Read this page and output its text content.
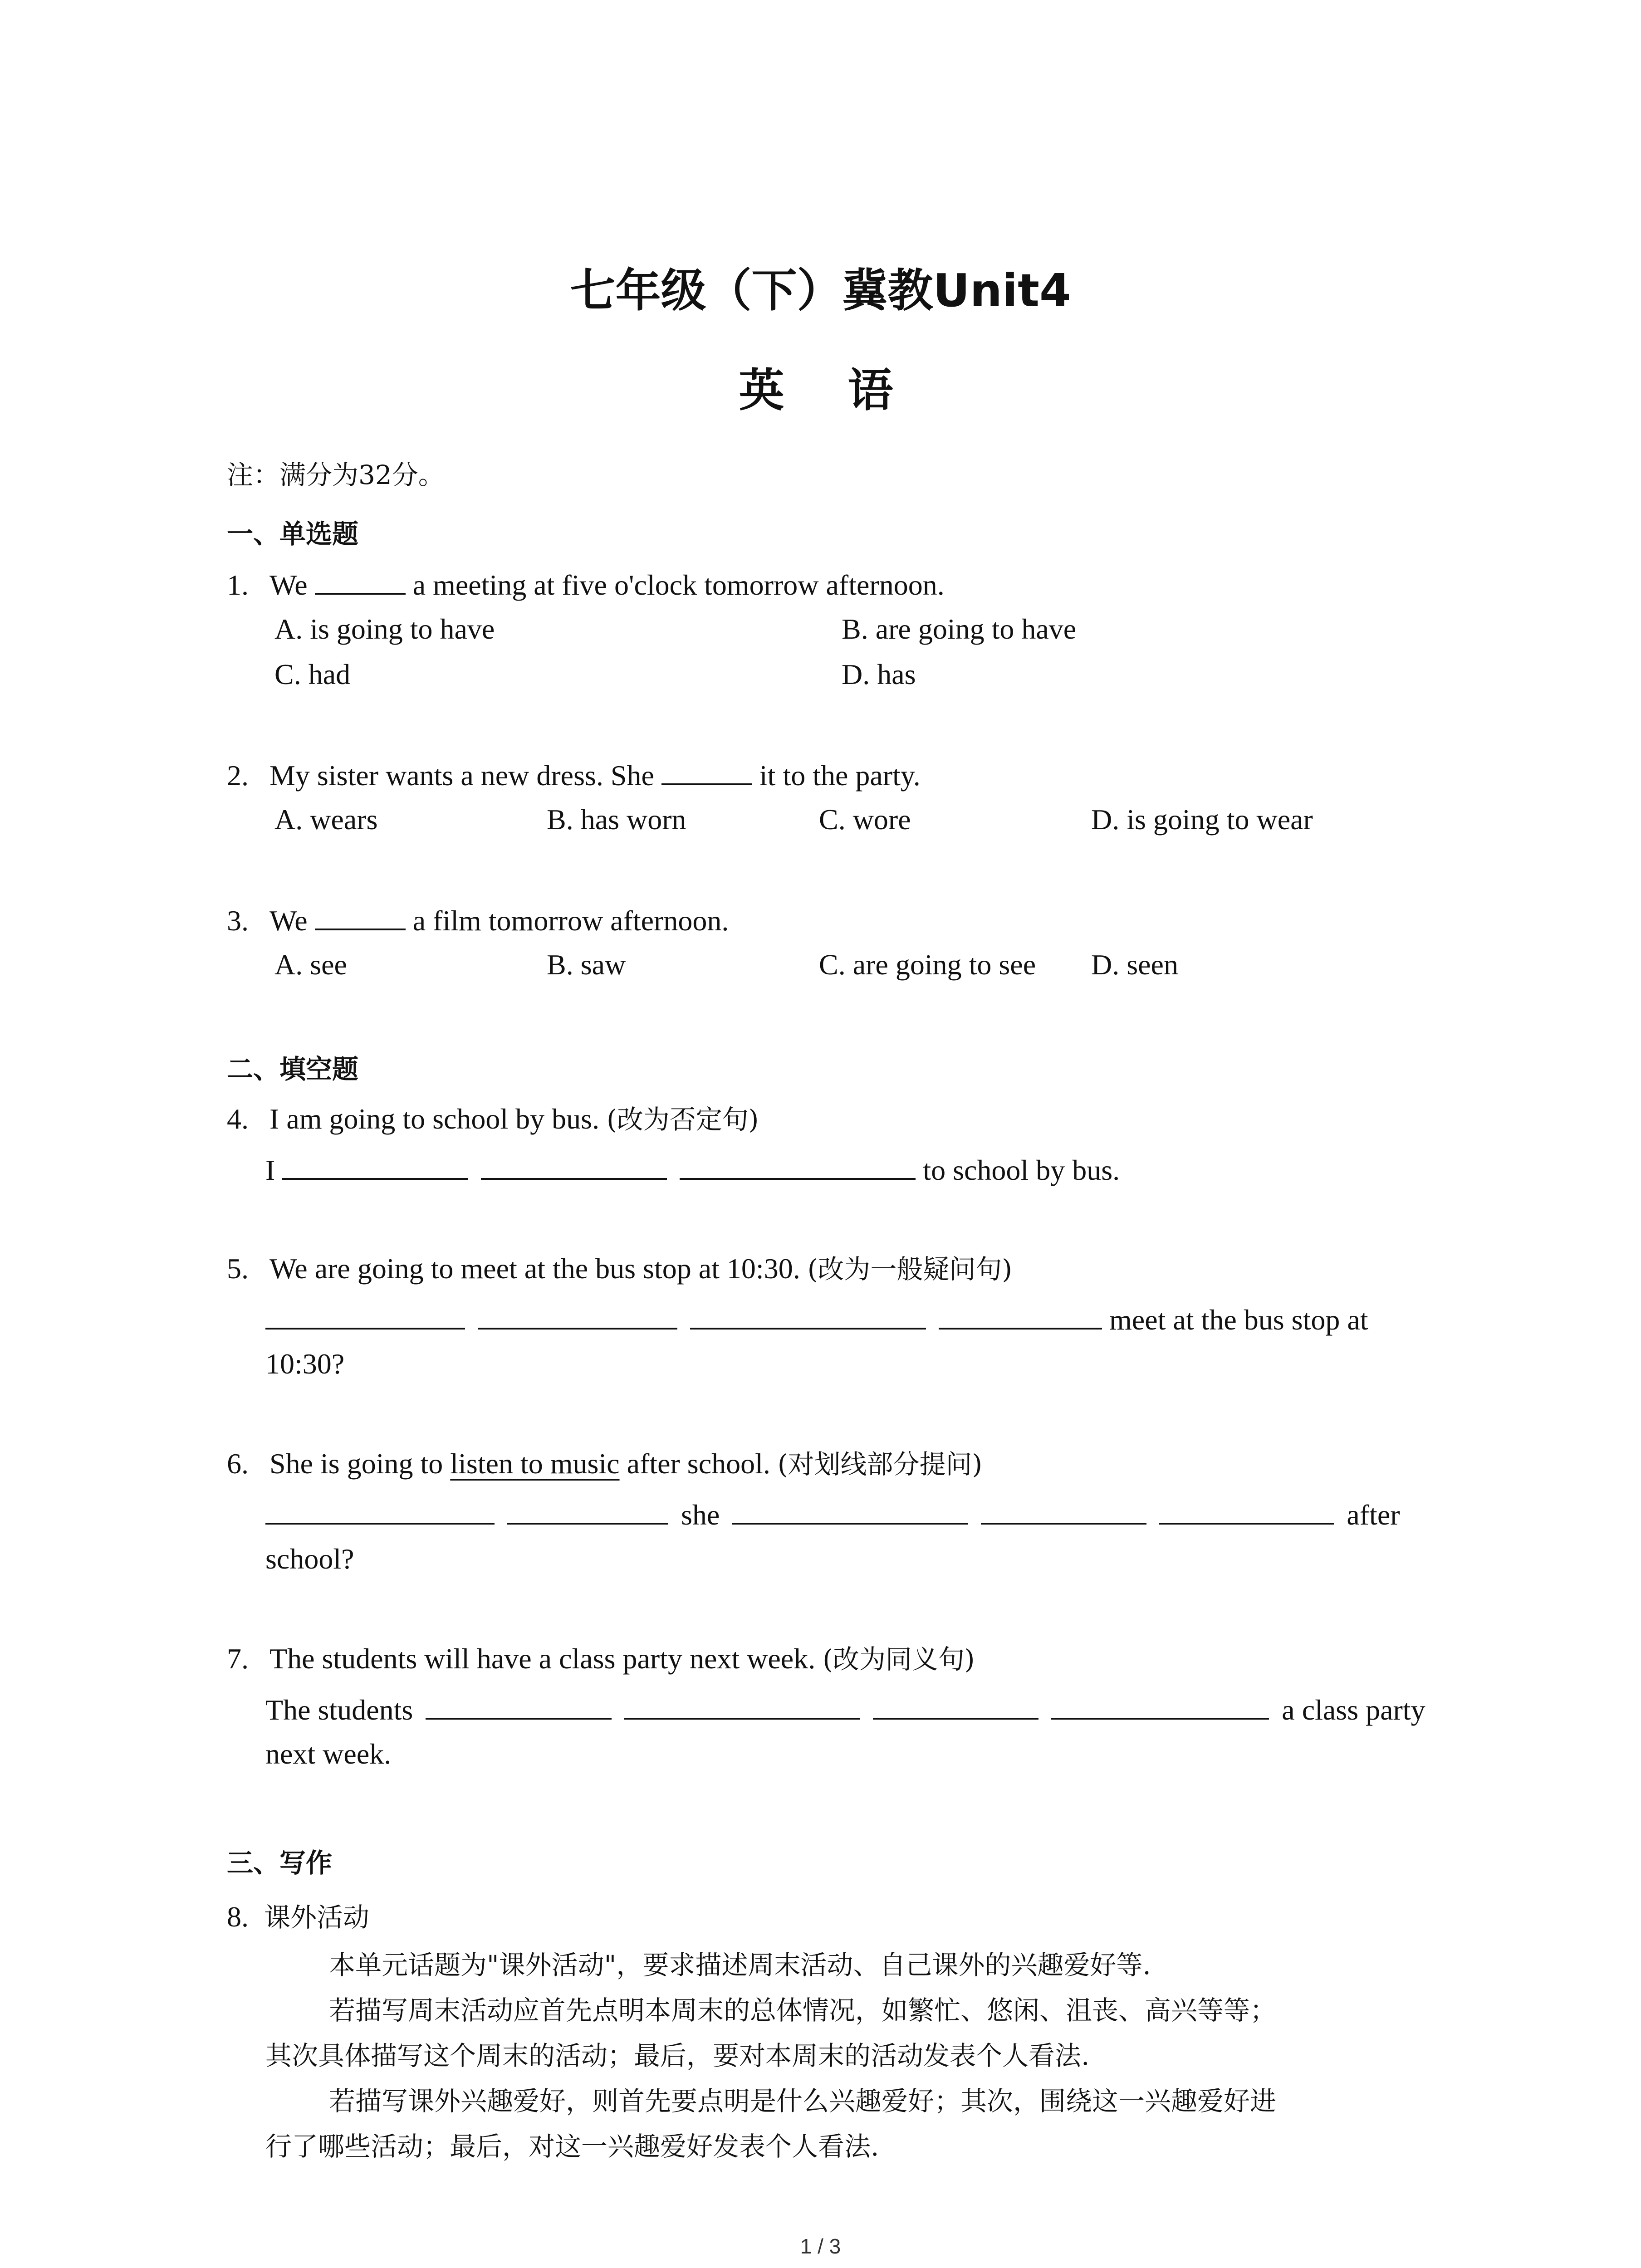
七年级（下）冀教Unit4
英　语
注：满分为32分。
一、单选题
1. We	a meeting at five o'clock tomorrow afternoon.
A. is going to have	B. are going to have
C. had	D. has
2. My sister wants a new dress. She	it to the party.
A. wears	B. has worn	C. wore	D. is going to wear
3. We	a film tomorrow afternoon.
A. see	B. saw	C. are going to see D. seen
二、填空题
4. I am going to school by bus. (改为否定句)
I	to school by bus.
5. We are going to meet at the bus stop at 10:30. (改为一般疑问句)
meet at the bus stop at
10:30?
6. She is going to listen to music after school. (对划线部分提问)
she	after
school?
7. The students will have a class party next week. (改为同义句)
The students	a class party
next week.
三、写作
8. 课外活动
本单元话题为"课外活动"，要求描述周末活动、自己课外的兴趣爱好等.
若描写周末活动应首先点明本周末的总体情况，如繁忙、悠闲、沮丧、高兴等等；
其次具体描写这个周末的活动；最后，要对本周末的活动发表个人看法.
若描写课外兴趣爱好，则首先要点明是什么兴趣爱好；其次，围绕这一兴趣爱好进
行了哪些活动；最后，对这一兴趣爱好发表个人看法.
1 / 3
